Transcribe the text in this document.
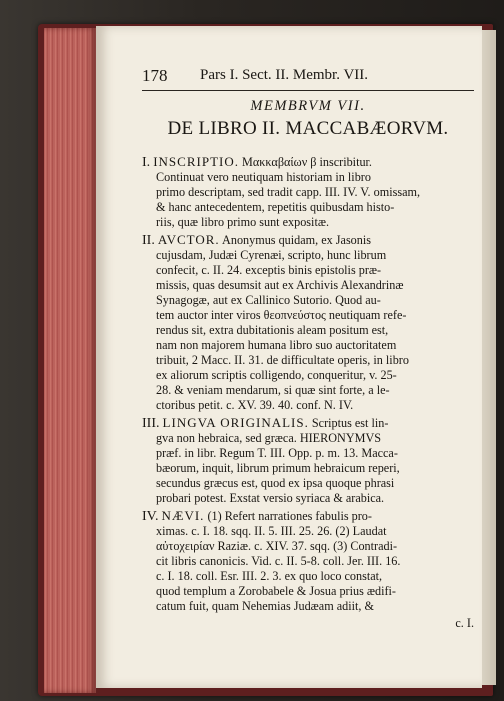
178 Pars I. Sect. II. Membr. VII.
MEMBRVM VII.
DE LIBRO II. MACCABÆORVM.
I. INSCRIPTIO. Μακκαβαίων β inscribitur.
Continuat vero neutiquam historiam in libro
primo descriptam, sed tradit capp. III. IV. V. omissam,
& hanc antecedentem, repetitis quibusdam histo-
riis, quæ libro primo sunt expositæ.
II. AVCTOR. Anonymus quidam, ex Jasonis
cujusdam, Judæi Cyrenæi, scripto, hunc librum
confecit, c. II. 24. exceptis binis epistolis præ-
missis, quas desumsit aut ex Archivis Alexandrinæ
Synagogæ, aut ex Callinico Sutorio. Quod au-
tem auctor inter viros θεοπνεύστος neutiquam refe-
rendus sit, extra dubitationis aleam positum est,
nam non majorem humana libro suo auctoritatem
tribuit, 2 Macc. II. 31. de difficultate operis, in libro
ex aliorum scriptis colligendo, conqueritur, v. 25-
28. & veniam mendarum, si quæ sint forte, a le-
ctoribus petit. c. XV. 39. 40. conf. N. IV.
III. LINGVA ORIGINALIS. Scriptus est lin-
gva non hebraica, sed græca. HIERONYMVS
præf. in libr. Regum T. III. Opp. p. m. 13. Macca-
bæorum, inquit, librum primum hebraicum reperi,
secundus græcus est, quod ex ipsa quoque phrasi
probari potest. Exstat versio syriaca & arabica.
IV. NÆVI. (1) Refert narrationes fabulis pro-
ximas. c. I. 18. sqq. II. 5. III. 25. 26. (2) Laudat
αὐτοχειρίαν Raziæ. c. XIV. 37. sqq. (3) Contradi-
cit libris canonicis. Vid. c. II. 5-8. coll. Jer. III. 16.
c. I. 18. coll. Esr. III. 2. 3. ex quo loco constat,
quod templum a Zorobabele & Josua prius ædifi-
catum fuit, quam Nehemias Judæam adiit, &
c. I.
